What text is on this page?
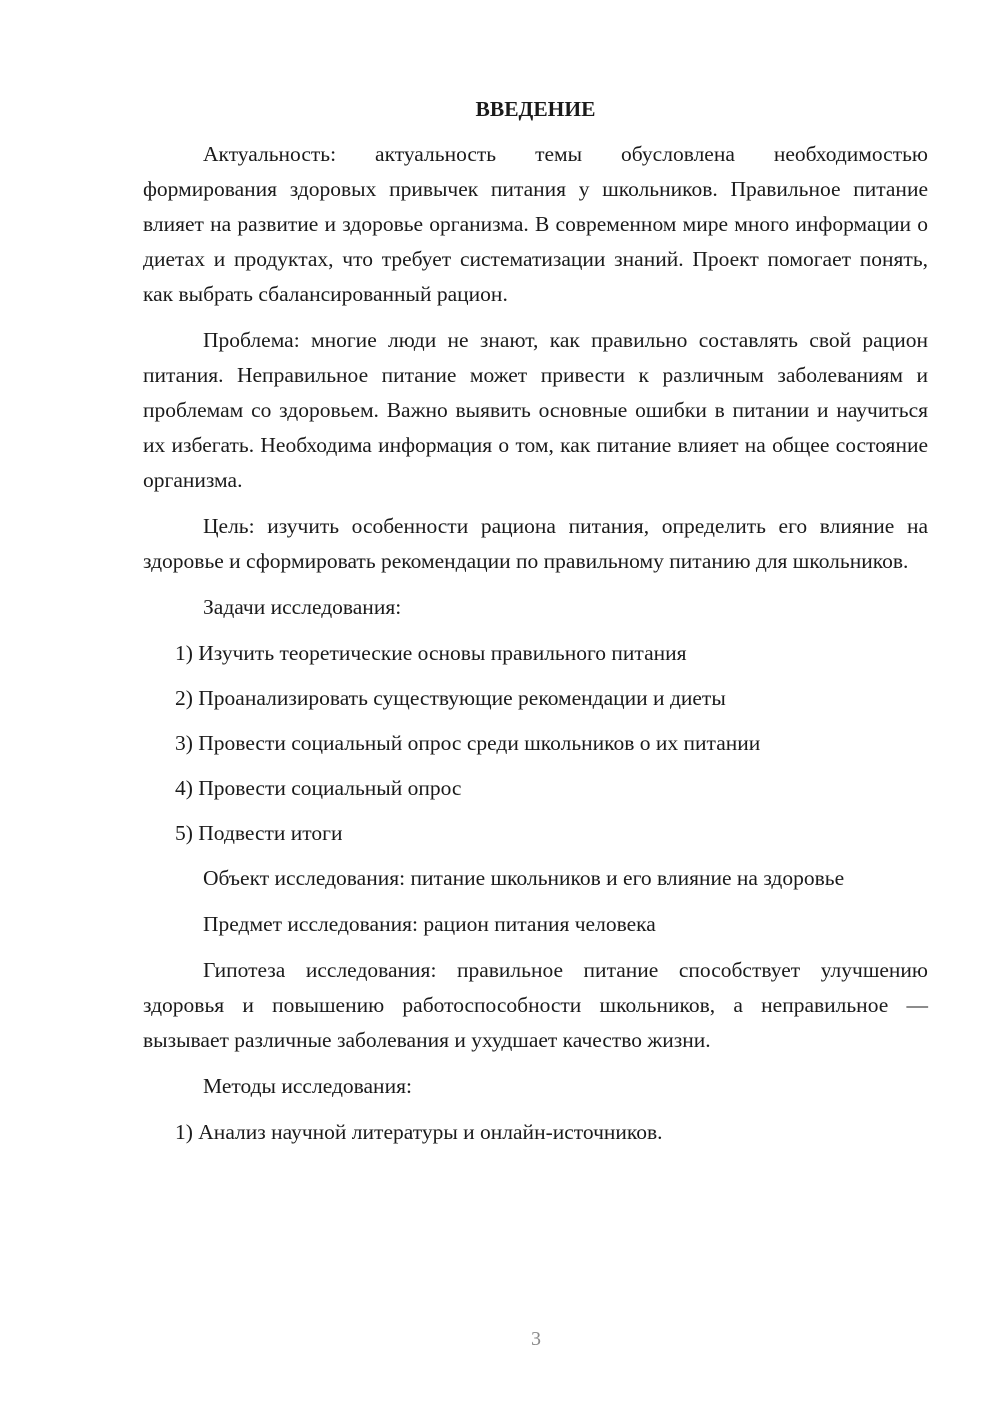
ВВЕДЕНИЕ

Актуальность: актуальность темы обусловлена необходимостью формирования здоровых привычек питания у школьников. Правильное питание влияет на развитие и здоровье организма. В современном мире много информации о диетах и продуктах, что требует систематизации знаний. Проект помогает понять, как выбрать сбалансированный рацион.

Проблема: многие люди не знают, как правильно составлять свой рацион питания. Неправильное питание может привести к различным заболеваниям и проблемам со здоровьем. Важно выявить основные ошибки в питании и научиться их избегать. Необходима информация о том, как питание влияет на общее состояние организма.

Цель: изучить особенности рациона питания, определить его влияние на здоровье и сформировать рекомендации по правильному питанию для школьников.

Задачи исследования:

1) Изучить теоретические основы правильного питания
2) Проанализировать существующие рекомендации и диеты
3) Провести социальный опрос среди школьников о их питании
4) Провести социальный опрос
5) Подвести итоги

Объект исследования: питание школьников и его влияние на здоровье

Предмет исследования: рацион питания человека

Гипотеза исследования: правильное питание способствует улучшению здоровья и повышению работоспособности школьников, а неправильное — вызывает различные заболевания и ухудшает качество жизни.

Методы исследования:

1) Анализ научной литературы и онлайн-источников.
3
